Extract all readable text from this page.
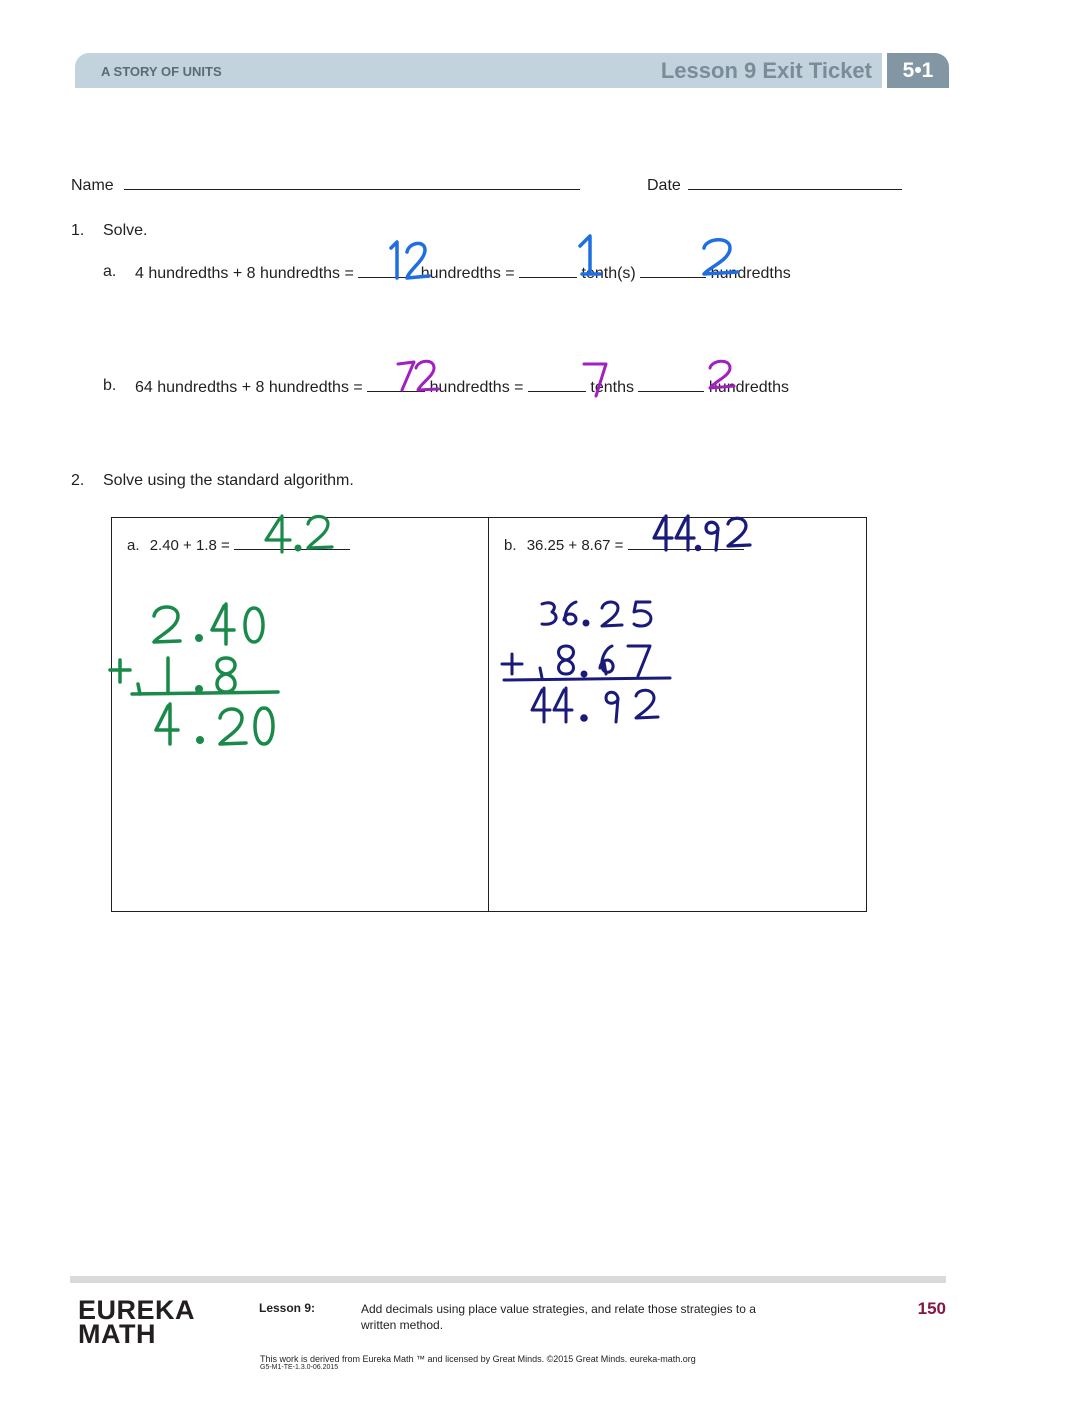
A STORY OF UNITS	Lesson 9 Exit Ticket	5•1
Name	Date
1. Solve.
a. 4 hundredths + 8 hundredths =	hundredths =	tenth(s)	hundredths
b. 64 hundredths + 8 hundredths =	hundredths =	tenths	hundredths
2. Solve using the standard algorithm.
a. 2.40 + 1.8 =	b. 36.25 + 8.67 =
EUREKA
MATH
Lesson 9:	Add decimals using place value strategies, and relate those strategies to a written method.
150
This work is derived from Eureka Math ™ and licensed by Great Minds. ©2015 Great Minds. eureka-math.org
G5-M1-TE-1.3.0-06.2015
